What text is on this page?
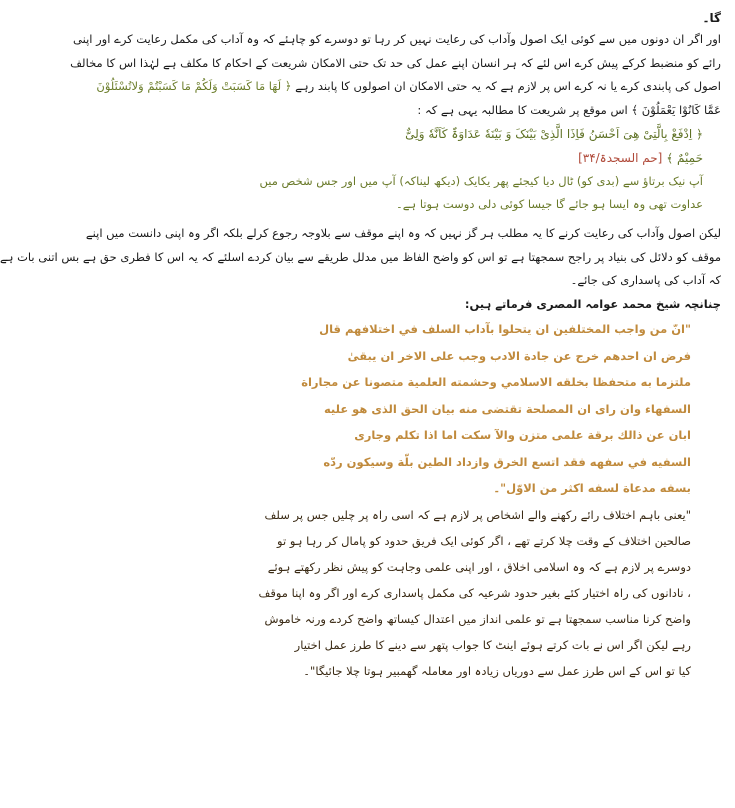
گا۔
اور اگر ان دونوں میں سے کوئی ایک اصول وآداب کی رعایت نہیں کر رہا تو دوسرے کو چاہئے کہ وہ آداب کی مکمل رعایت کرے اور اپنی
رائے کو منضبط کرکے پیش کرے اس لئے کہ ہر انسان اپنے عمل کی حد تک حتی الامکان شریعت کے احکام کا مکلف ہے لہٰذا اس کا مخالف
اصول کی پابندی کرے یا نہ کرے اس پر لازم ہے کہ یہ حتی الامکان ان اصولوں کا پابند رہے ﴿ لَهَا مَا كَسَبَتْ وَلَكُمْ مَا كَسَبْتُمْ وَلاتُسْئَلُوْنَ
عَمَّا كَانُوْا يَعْمَلُوْنَ ﴾ اس موقع پر شریعت کا مطالبہ یہی ہے کہ :
﴿ اِدْفَعْ بِالَّتِیْ ھِیَ اَحْسَنُ فَاِذَا الَّذِیْ بَیْنَکَ وَ بَیْنَهٗ عَدَاوَۃٌ کَاَنَّهٗ وَلِیٌّ
حَمِیْمٌ ﴾ [حم السجدۃ/۳۴]
آپ نیک برتاؤ سے (بدی کو) ٹال دیا کیجئے پھر یکایک (دیکھ لیناکہ) آپ میں اور جس شخص میں
عداوت تھی وہ ایسا ہو جائے گا جیسا کوئی دلی دوست ہوتا ہے۔
لیکن اصول وآداب کی رعایت کرنے کا یہ مطلب ہر گز نہیں کہ وہ اپنے موقف سے بلاوجہ رجوع کرلے بلکہ اگر وہ اپنی دانست میں اپنے
موقف کو دلائل کی بنیاد پر راجح سمجھتا ہے تو اس کو واضح الفاظ میں مدلل طریقے سے بیان کردے اسلئے کہ یہ اس کا فطری حق ہے بس اتنی بات ہے
کہ آداب کی پاسداری کی جائے۔
چنانچہ شیخ محمد عوامہ المصری فرماتے ہیں:
"انّ من واجب المختلفين ان يتحلوا بآداب السلف في اختلافهم قال
فرض ان احدهم خرج عن جادة الادب وجب على الاخر ان يبقىٰ
ملتزما به متحفظا بخلقه الاسلامي وحشمته العلمية متصونا عن مجاراة
السفهاء وان راى ان المصلحة تقتضى منه بيان الحق الذى هو عليه
ابان عن ذالك برقة علمى متزن والآ سكت اما اذا تكلم وجارى
السفيه في سفهه فقد اتسع الخرق وازداد الطين بلّة وسيكون ردّه
بسفه مدعاة لسفه اكثر من الاوّل"۔
"یعنی باہم اختلاف رائے رکھنے والے اشخاص پر لازم ہے کہ اسی راہ پر چلیں جس پر سلف
صالحین اختلاف کے وقت چلا کرتے تھے ، اگر کوئی ایک فریق حدود کو پامال کر رہا ہو تو
دوسرے پر لازم ہے کہ وہ اسلامی اخلاق ، اور اپنی علمی وجاہت کو پیش نظر رکھتے ہوئے
، نادانوں کی راہ اختیار کئے بغیر حدود شرعیہ کی مکمل پاسداری کرے اور اگر وہ اپنا موقف
واضح کرنا مناسب سمجھتا ہے تو علمی انداز میں اعتدال کیساتھ واضح کردے ورنہ خاموش
رہے لیکن اگر اس نے بات کرتے ہوئے اینٹ کا جواب پتھر سے دینے کا طرز عمل اختیار
کیا تو اس کے اس طرز عمل سے دوریاں زیادہ اور معاملہ گھمبیر ہوتا چلا جائیگا"۔
